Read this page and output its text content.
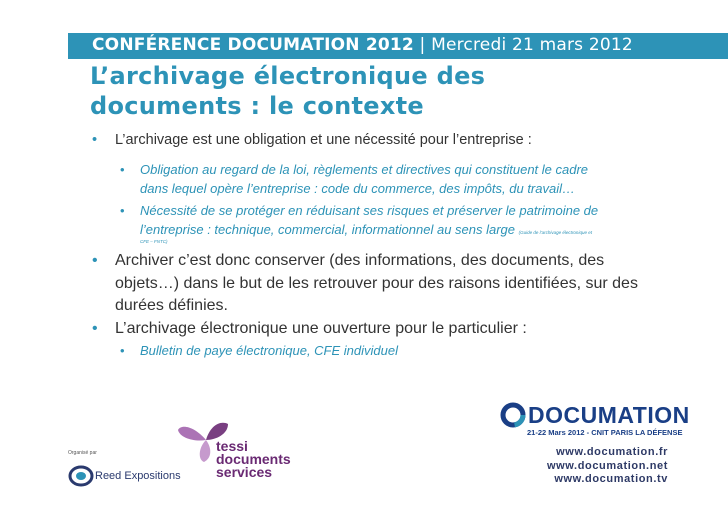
CONFÉRENCE DOCUMATION 2012 | Mercredi 21 mars 2012
L’archivage électronique des
documents : le contexte
• L’archivage est une obligation et une nécessité pour l’entreprise :
• Obligation au regard de la loi, règlements et directives qui constituent le cadre
dans lequel opère l’entreprise : code du commerce, des impôts, du travail…
• Nécessité de se protéger en réduisant ses risques et préserver le patrimoine de
l’entreprise : technique, commercial, informationnel au sens large (Guide de l’archivage électronique et
CFE – FNTC)
• Archiver c’est donc conserver (des informations, des documents, des
objets…) dans le but de les retrouver pour des raisons identifiées, sur des
durées définies.
• L’archivage électronique une ouverture pour le particulier :
• Bulletin de paye électronique, CFE individuel
Organisé par
Reed Expositions
tessi
documents
services
DOCUMATION
21-22 Mars 2012 - CNIT PARIS LA DÉFENSE
www.documation.fr
www.documation.net
www.documation.tv
